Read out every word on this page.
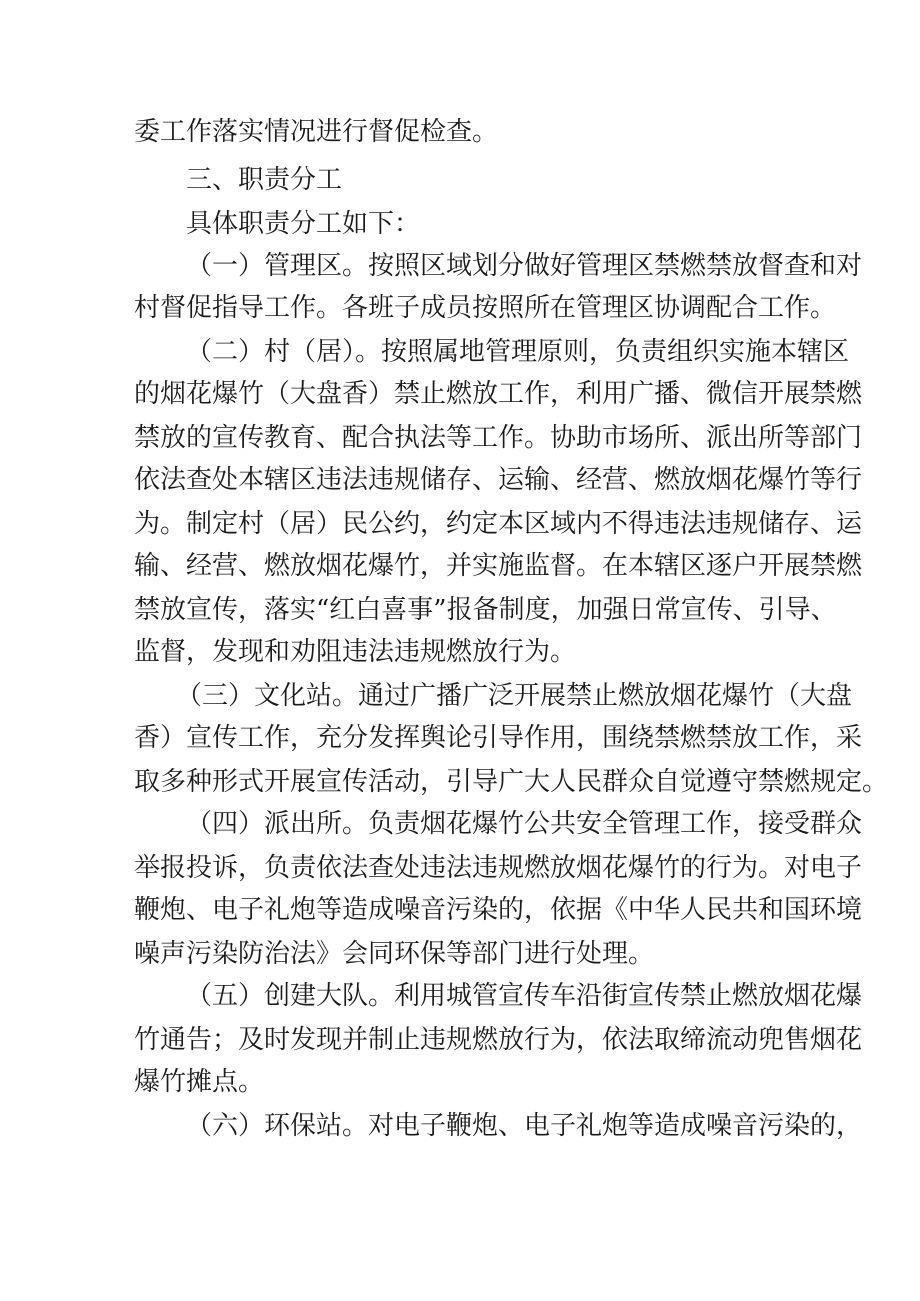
委工作落实情况进行督促检查。
三、职责分工
具体职责分工如下：
（一）管理区。按照区域划分做好管理区禁燃禁放督查和对
村督促指导工作。各班子成员按照所在管理区协调配合工作。
（二）村（居）。按照属地管理原则，负责组织实施本辖区
的烟花爆竹（大盘香）禁止燃放工作，利用广播、微信开展禁燃
禁放的宣传教育、配合执法等工作。协助市场所、派出所等部门
依法查处本辖区违法违规储存、运输、经营、燃放烟花爆竹等行
为。制定村（居）民公约，约定本区域内不得违法违规储存、运
输、经营、燃放烟花爆竹，并实施监督。在本辖区逐户开展禁燃
禁放宣传，落实“红白喜事”报备制度，加强日常宣传、引导、
监督，发现和劝阻违法违规燃放行为。
（三）文化站。通过广播广泛开展禁止燃放烟花爆竹（大盘
香）宣传工作，充分发挥舆论引导作用，围绕禁燃禁放工作，采
取多种形式开展宣传活动，引导广大人民群众自觉遵守禁燃规定。
（四）派出所。负责烟花爆竹公共安全管理工作，接受群众
举报投诉，负责依法查处违法违规燃放烟花爆竹的行为。对电子
鞭炮、电子礼炮等造成噪音污染的，依据《中华人民共和国环境
噪声污染防治法》会同环保等部门进行处理。
（五）创建大队。利用城管宣传车沿街宣传禁止燃放烟花爆
竹通告；及时发现并制止违规燃放行为，依法取缔流动兜售烟花
爆竹摊点。
（六）环保站。对电子鞭炮、电子礼炮等造成噪音污染的，
